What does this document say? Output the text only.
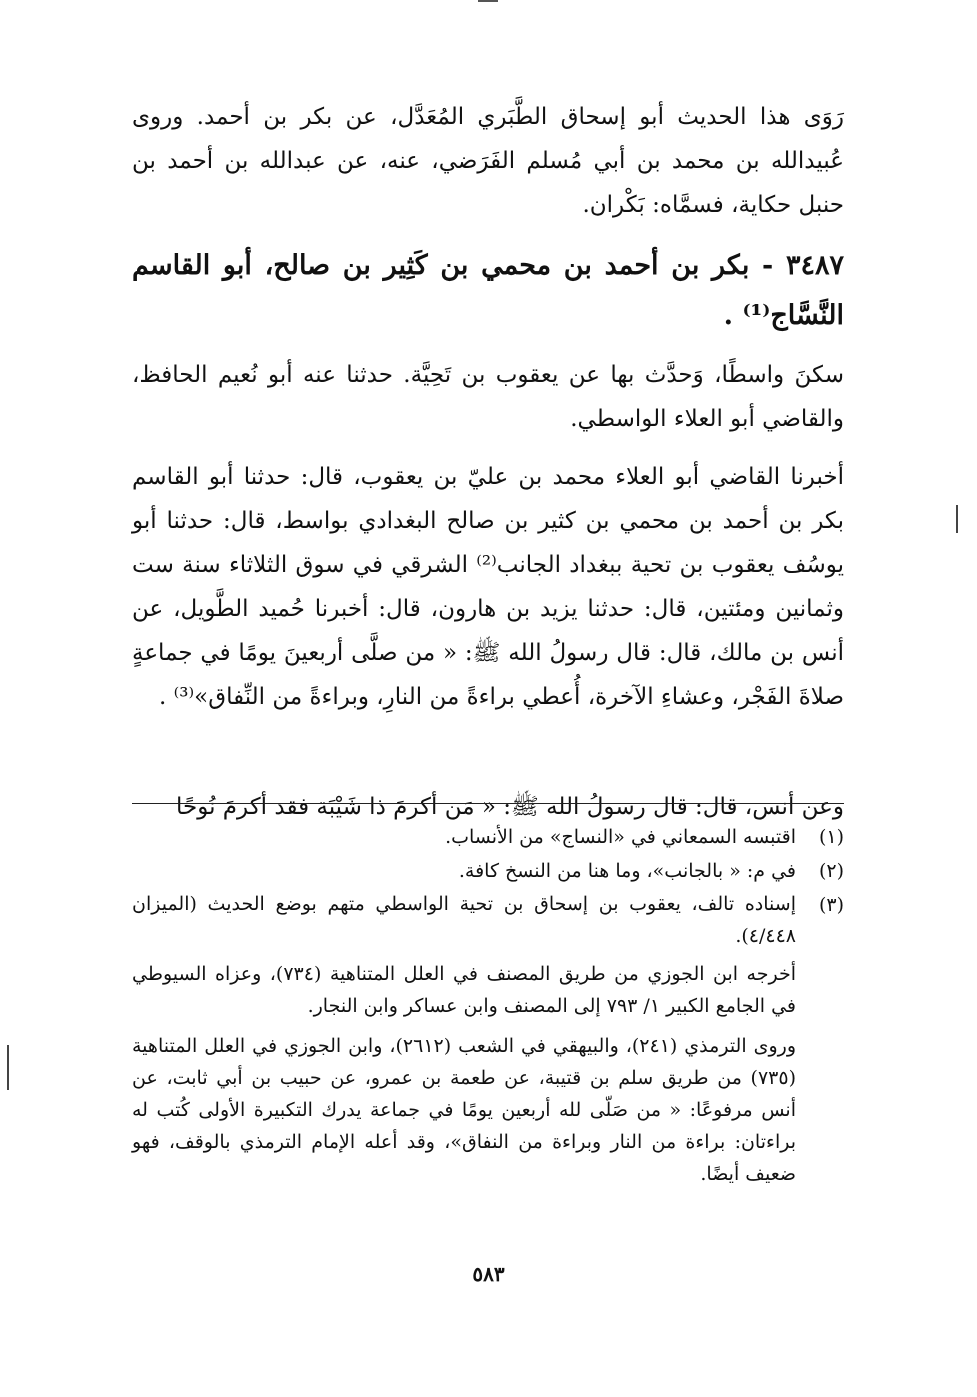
رَوَى هذا الحديث أبو إسحاق الطَّبَري المُعَدَّل، عن بكر بن أحمد. وروى عُبيدالله بن محمد بن أبي مُسلم الفَرَضي، عنه، عن عبدالله بن أحمد بن حنبل حكاية، فسمَّاه: بَكْران.

٣٤٨٧ - بكر بن أحمد بن محمي بن كَثِير بن صالح، أبو القاسم النَّسَّاج⁽¹⁾ .

سكنَ واسطًا، وَحدَّث بها عن يعقوب بن تَحِيَّة. حدثنا عنه أبو نُعيم الحافظ، والقاضي أبو العلاء الواسطي.

أخبرنا القاضي أبو العلاء محمد بن عليّ بن يعقوب، قال: حدثنا أبو القاسم بكر بن أحمد بن محمي بن كثير بن صالح البغدادي بواسط، قال: حدثنا أبو يوسُف يعقوب بن تحية ببغداد الجانب⁽²⁾ الشرقي في سوق الثلاثاء سنة ست وثمانين ومئتين، قال: حدثنا يزيد بن هارون، قال: أخبرنا حُميد الطَّويل، عن أنس بن مالك، قال: قال رسولُ الله ﷺ: « من صلَّى أربعينَ يومًا في جماعةٍ صلاةَ الفَجْر، وعشاءِ الآخرة، أُعطي براءةً من النارِ، وبراءةً من النِّفاق»⁽³⁾ .

وعن أنس، قال: قال رسولُ الله ﷺ: « مَن أكرمَ ذا شَيْبَة فقد أكرمَ نُوحًا

(١)
اقتبسه السمعاني في «النساج» من الأنساب.
(٢)
في م: « بالجانب»، وما هنا من النسخ كافة.
(٣)
إسناده تالف، يعقوب بن إسحاق بن تحية الواسطي متهم بوضع الحديث (الميزان ٤/٤٤٨).

أخرجه ابن الجوزي من طريق المصنف في العلل المتناهية (٧٣٤)، وعزاه السيوطي في الجامع الكبير ١/ ٧٩٣ إلى المصنف وابن عساكر وابن النجار.

وروى الترمذي (٢٤١)، والبيهقي في الشعب (٢٦١٢)، وابن الجوزي في العلل المتناهية (٧٣٥) من طريق سلم بن قتيبة، عن طعمة بن عمرو، عن حبيب بن أبي ثابت، عن أنس مرفوعًا: « من صَلّى لله أربعين يومًا في جماعة يدرك التكبيرة الأولى كُتب له براءتان: براءة من النار وبراءة من النفاق»، وقد أعله الإمام الترمذي بالوقف، فهو ضعيف أيضًا.

٥٨٣
